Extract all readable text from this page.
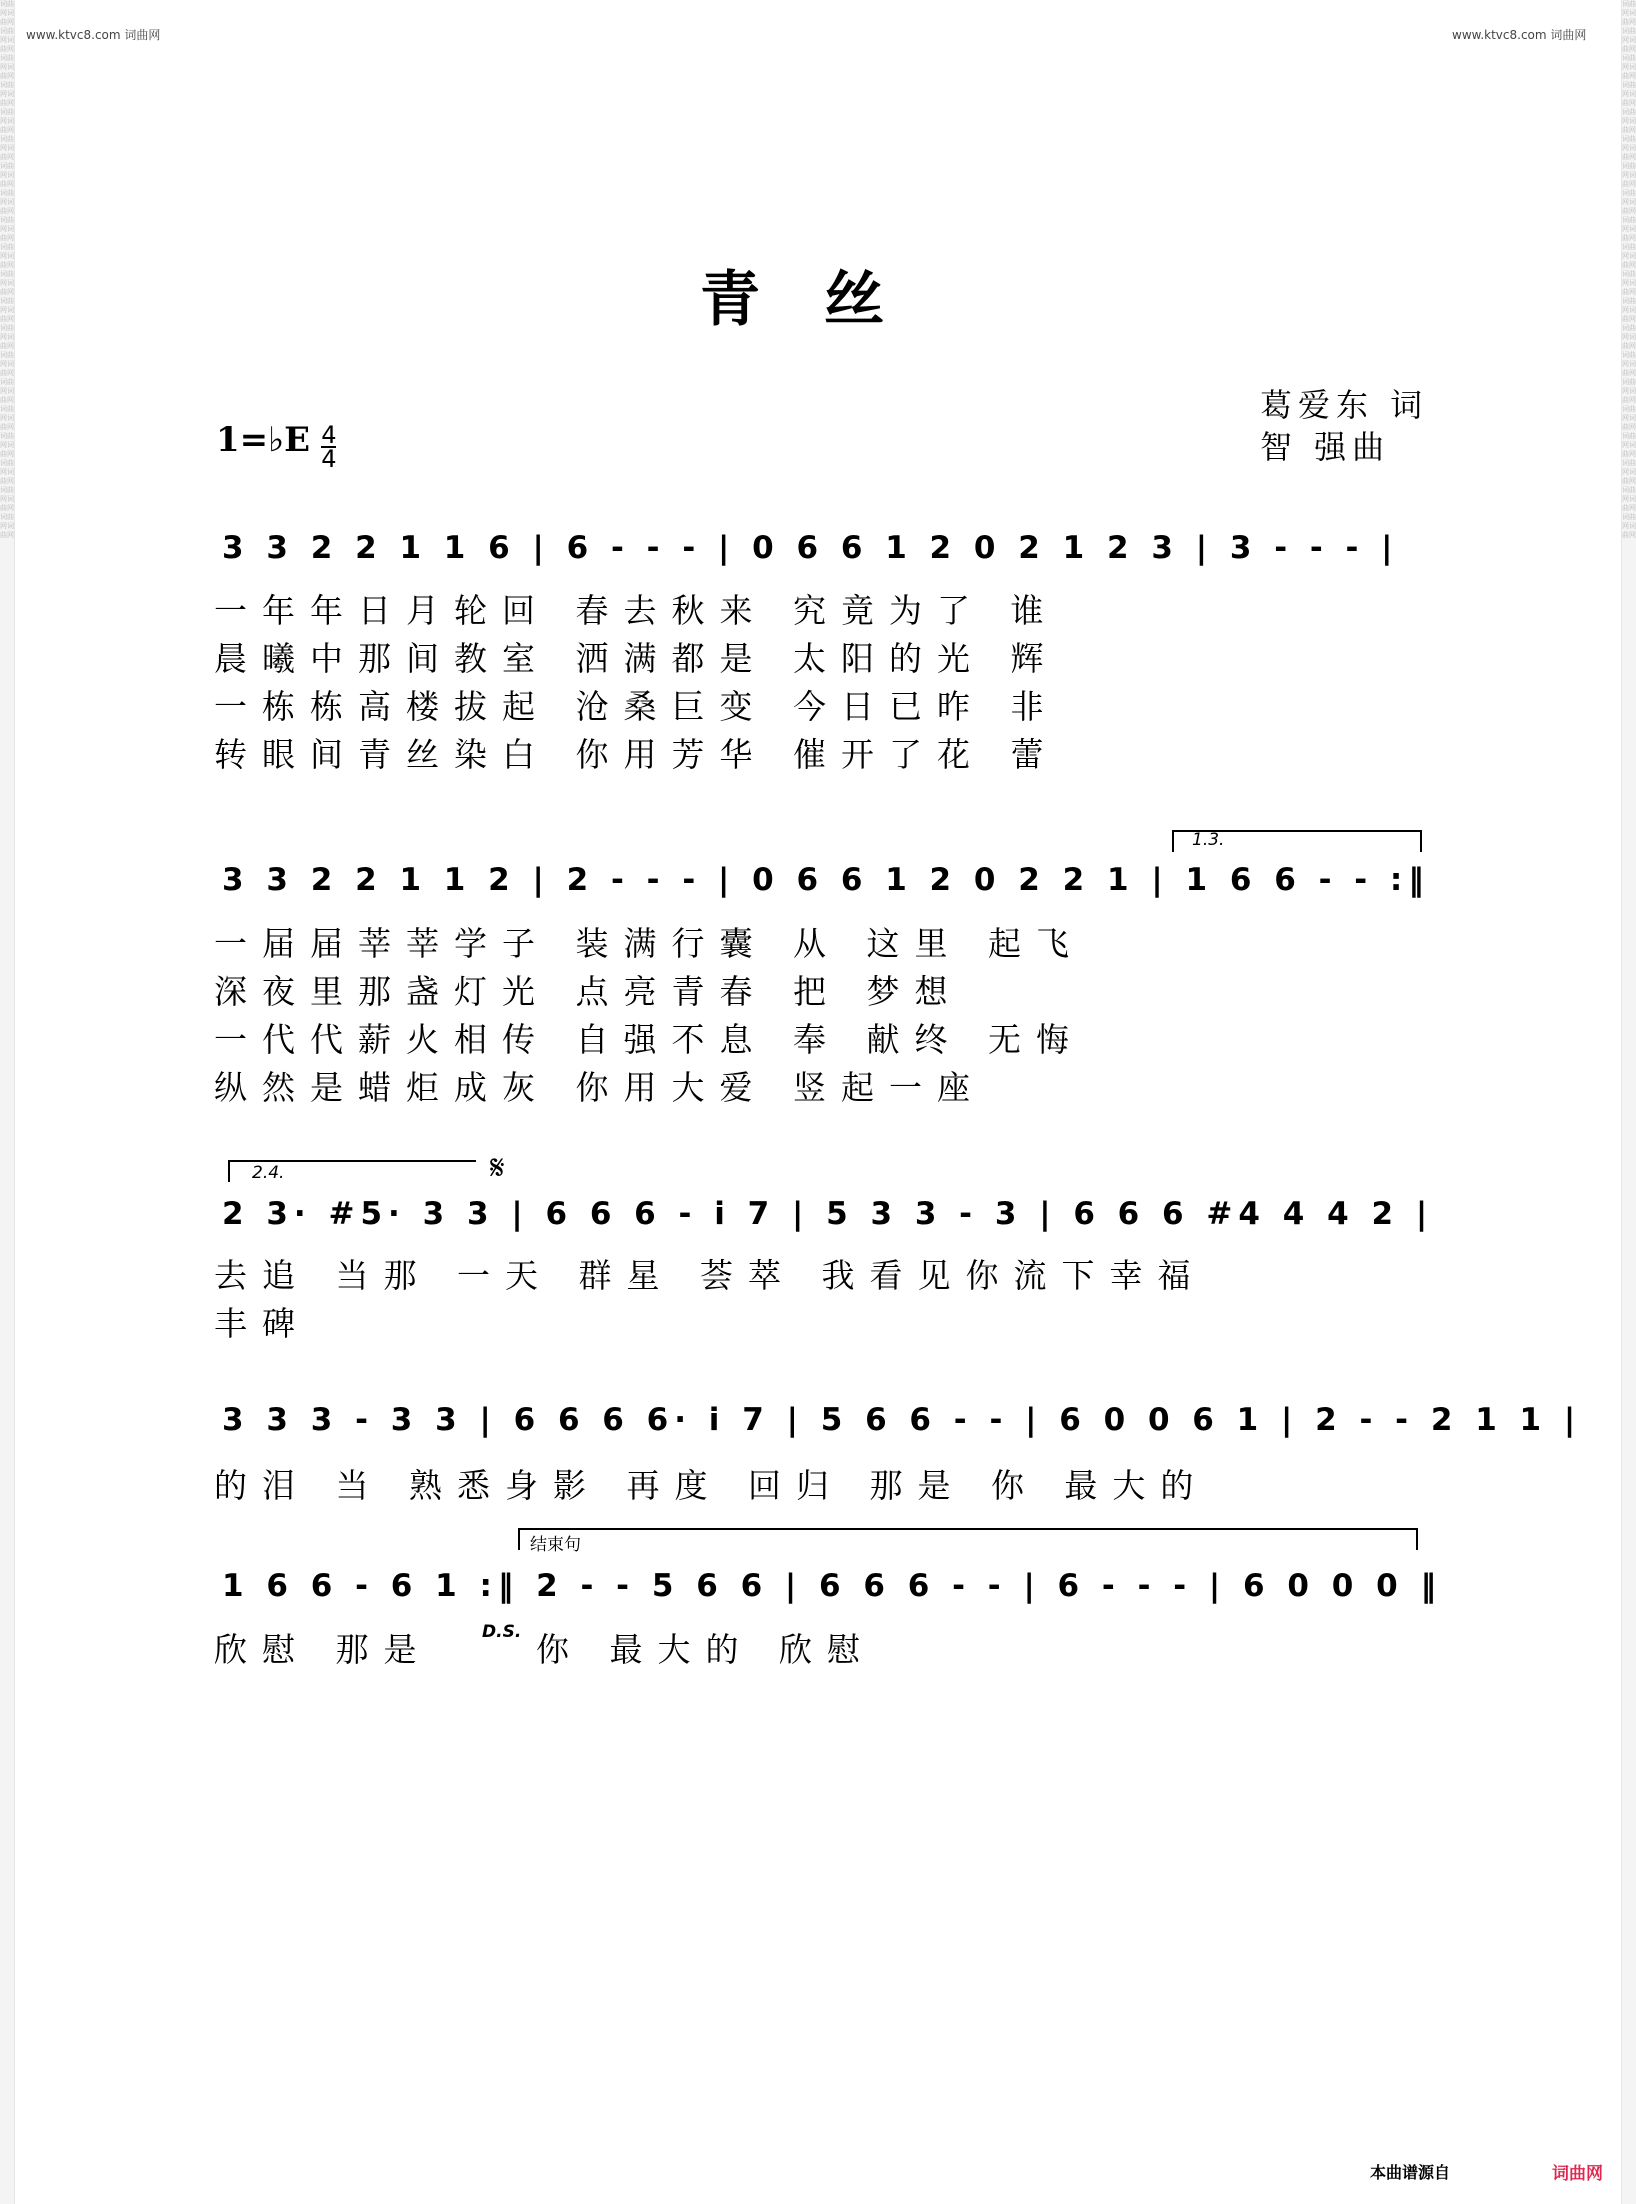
词曲网词曲网词曲网词曲网词曲网词曲网词曲网词曲网词曲网词曲网词曲网词曲网词曲网词曲网词曲网词曲网词曲网词曲网词曲网词曲网词曲网词曲网词曲网词曲网词曲网词曲网词曲网词曲网词曲网词曲网词曲网词曲网词曲网词曲网词曲网词曲网词曲网词曲网词曲网词曲网
词曲网词曲网词曲网词曲网词曲网词曲网词曲网词曲网词曲网词曲网词曲网词曲网词曲网词曲网词曲网词曲网词曲网词曲网词曲网词曲网词曲网词曲网词曲网词曲网词曲网词曲网词曲网词曲网词曲网词曲网词曲网词曲网词曲网词曲网词曲网词曲网词曲网词曲网词曲网词曲网
www.ktvc8.com 词曲网	www.ktvc8.com 词曲网
青丝
葛爱东 词
智 强曲
1=♭E $\frac{4}{4}$
3 3 2 2 1 1 6 | 6 - - - | 0 6 6 1 2 0 2 1 2 3 | 3 - - - |
一年年日月轮回 春去秋来 究竟为了 谁
晨曦中那间教室 洒满都是 太阳的光 辉
一栋栋高楼拔起 沧桑巨变 今日已昨 非
转眼间青丝染白 你用芳华 催开了花 蕾
1.3.
3 3 2 2 1 1 2 | 2 - - - | 0 6 6 1 2 0 2 2 1 | 1 6 6 - - :‖
一届届莘莘学子 装满行囊 从 这里 起飞
深夜里那盏灯光 点亮青春 把 梦想
一代代薪火相传 自强不息 奉 献终 无悔
纵然是蜡炬成灰 你用大爱 竖起一座
2.4.	𝄋
2 3· #5· 3 3 | 6 6 6 - i 7 | 5 3 3 - 3 | 6 6 6 #4 4 4 2 |
去追 当那 一天 群星 荟萃 我看见你流下幸福
丰碑
3 3 3 - 3 3 | 6 6 6 6· i 7 | 5 6 6 - - | 6 0 0 6 1 | 2 - - 2 1 1 |
的泪 当 熟悉身影 再度 回归 那是 你 最大的
结束句
1 6 6 - 6 1 :‖ 2 - - 5 6 6 | 6 6 6 - - | 6 - - - | 6 0 0 0 ‖
欣慰 那是	D.S. 你 最大的 欣慰
本曲谱源自	词曲网
